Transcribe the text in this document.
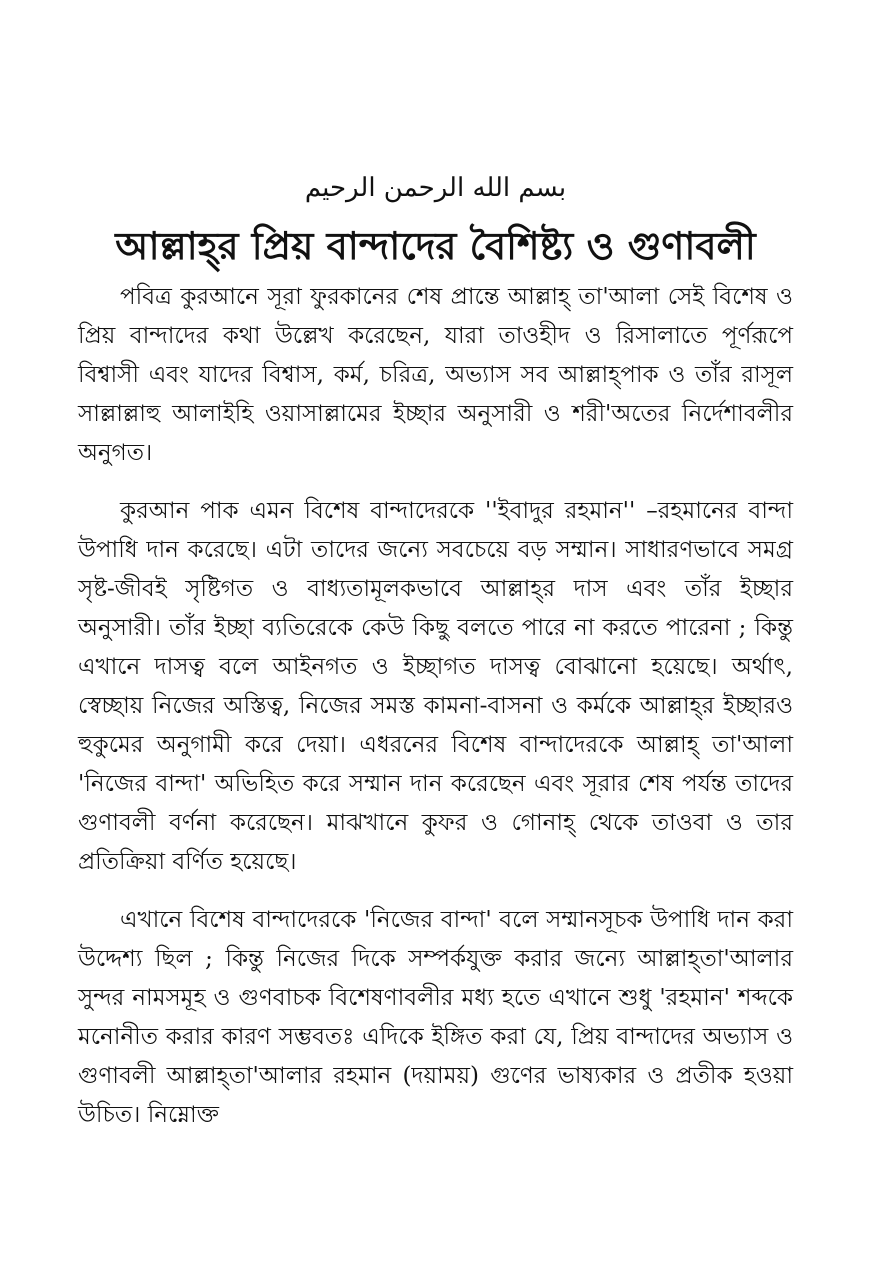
بسم الله الرحمن الرحيم
আল্লাহ্‌র প্রিয় বান্দাদের বৈশিষ্ট্য ও গুণাবলী

পবিত্র কুরআনে সূরা ফুরকানের শেষ প্রান্তে আল্লাহ্‌ তা'আলা সেই বিশেষ ও প্রিয় বান্দাদের কথা উল্লেখ করেছেন, যারা তাওহীদ ও রিসালাতে পূর্ণরূপে বিশ্বাসী এবং যাদের বিশ্বাস, কর্ম, চরিত্র, অভ্যাস সব আল্লাহ্‌পাক ও তাঁর রাসূল সাল্লাল্লাহু আলাইহি ওয়াসাল্লামের ইচ্ছার অনুসারী ও শরী'অতের নির্দেশাবলীর অনুগত।

কুরআন পাক এমন বিশেষ বান্দাদেরকে ''ইবাদুর রহমান'' –রহমানের বান্দা উপাধি দান করেছে। এটা তাদের জন্যে সবচেয়ে বড় সম্মান। সাধারণভাবে সমগ্র সৃষ্ট-জীবই সৃষ্টিগত ও বাধ্যতামূলকভাবে আল্লাহ্‌র দাস এবং তাঁর ইচ্ছার অনুসারী। তাঁর ইচ্ছা ব্যতিরেকে কেউ কিছু বলতে পারে না করতে পারেনা ; কিন্তু এখানে দাসত্ব বলে আইনগত ও ইচ্ছাগত দাসত্ব বোঝানো হয়েছে। অর্থাৎ, স্বেচ্ছায় নিজের অস্তিত্ব, নিজের সমস্ত কামনা-বাসনা ও কর্মকে আল্লাহ্‌র ইচ্ছারও হুকুমের অনুগামী করে দেয়া। এধরনের বিশেষ বান্দাদেরকে আল্লাহ্‌ তা'আলা 'নিজের বান্দা' অভিহিত করে সম্মান দান করেছেন এবং সূরার শেষ পর্যন্ত তাদের গুণাবলী বর্ণনা করেছেন। মাঝখানে কুফর ও গোনাহ্‌ থেকে তাওবা ও তার প্রতিক্রিয়া বর্ণিত হয়েছে।

এখানে বিশেষ বান্দাদেরকে 'নিজের বান্দা' বলে সম্মানসূচক উপাধি দান করা উদ্দেশ্য ছিল ; কিন্তু নিজের দিকে সম্পর্কযুক্ত করার জন্যে আল্লাহ্‌তা'আলার সুন্দর নামসমূহ ও গুণবাচক বিশেষণাবলীর মধ্য হতে এখানে শুধু 'রহমান' শব্দকে মনোনীত করার কারণ সম্ভবতঃ এদিকে ইঙ্গিত করা যে, প্রিয় বান্দাদের অভ্যাস ও গুণাবলী আল্লাহ্‌তা'আলার রহমান (দয়াময়) গুণের ভাষ্যকার ও প্রতীক হওয়া উচিত। নিম্নোক্ত
